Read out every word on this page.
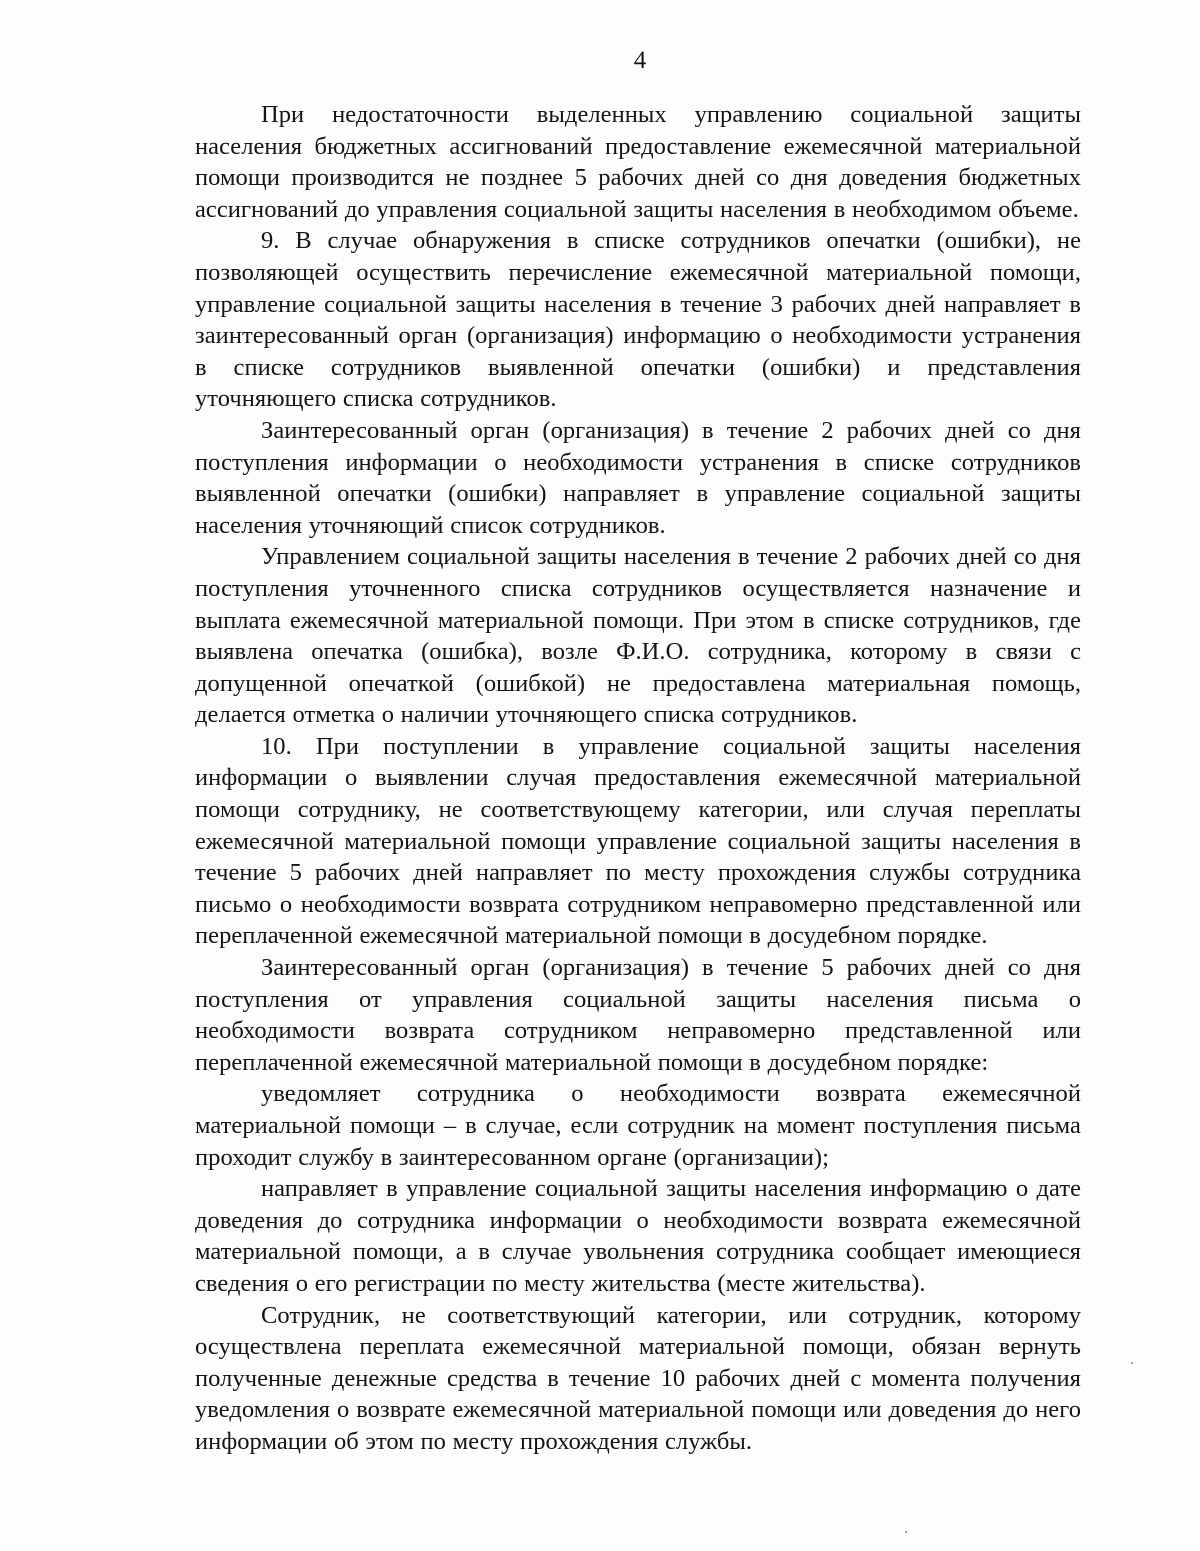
4

При недостаточности выделенных управлению социальной защиты населения бюджетных ассигнований предоставление ежемесячной материальной помощи производится не позднее 5 рабочих дней со дня доведения бюджетных ассигнований до управления социальной защиты населения в необходимом объеме.

9. В случае обнаружения в списке сотрудников опечатки (ошибки), не позволяющей осуществить перечисление ежемесячной материальной помощи, управление социальной защиты населения в течение 3 рабочих дней направляет в заинтересованный орган (организация) информацию о необходимости устранения в списке сотрудников выявленной опечатки (ошибки) и представления уточняющего списка сотрудников.

Заинтересованный орган (организация) в течение 2 рабочих дней со дня поступления информации о необходимости устранения в списке сотрудников выявленной опечатки (ошибки) направляет в управление социальной защиты населения уточняющий список сотрудников.

Управлением социальной защиты населения в течение 2 рабочих дней со дня поступления уточненного списка сотрудников осуществляется назначение и выплата ежемесячной материальной помощи. При этом в списке сотрудников, где выявлена опечатка (ошибка), возле Ф.И.О. сотрудника, которому в связи с допущенной опечаткой (ошибкой) не предоставлена материальная помощь, делается отметка о наличии уточняющего списка сотрудников.

10. При поступлении в управление социальной защиты населения информации о выявлении случая предоставления ежемесячной материальной помощи сотруднику, не соответствующему категории, или случая переплаты ежемесячной материальной помощи управление социальной защиты населения в течение 5 рабочих дней направляет по месту прохождения службы сотрудника письмо о необходимости возврата сотрудником неправомерно представленной или переплаченной ежемесячной материальной помощи в досудебном порядке.

Заинтересованный орган (организация) в течение 5 рабочих дней со дня поступления от управления социальной защиты населения письма о необходимости возврата сотрудником неправомерно представленной или переплаченной ежемесячной материальной помощи в досудебном порядке:

уведомляет сотрудника о необходимости возврата ежемесячной материальной помощи – в случае, если сотрудник на момент поступления письма проходит службу в заинтересованном органе (организации);

направляет в управление социальной защиты населения информацию о дате доведения до сотрудника информации о необходимости возврата ежемесячной материальной помощи, а в случае увольнения сотрудника сообщает имеющиеся сведения о его регистрации по месту жительства (месте жительства).

Сотрудник, не соответствующий категории, или сотрудник, которому осуществлена переплата ежемесячной материальной помощи, обязан вернуть полученные денежные средства в течение 10 рабочих дней с момента получения уведомления о возврате ежемесячной материальной помощи или доведения до него информации об этом по месту прохождения службы.
